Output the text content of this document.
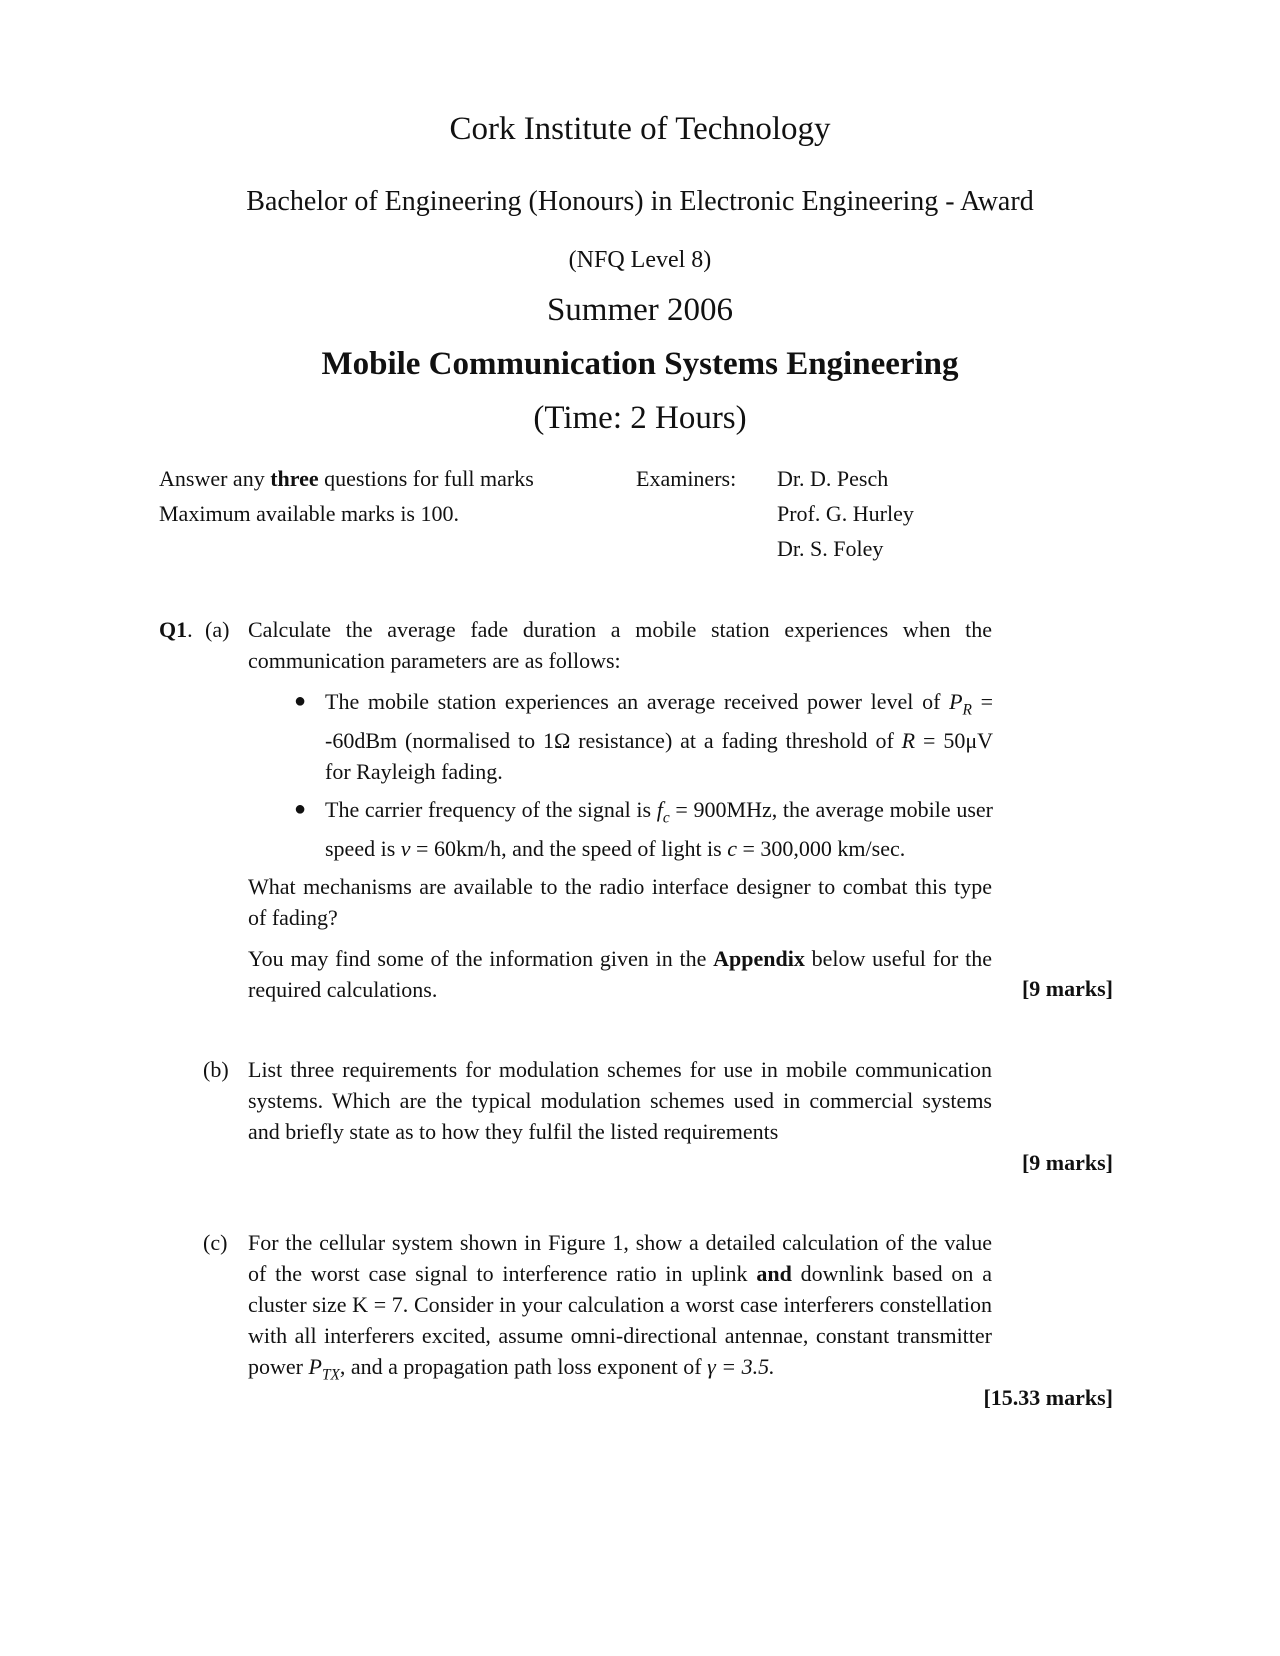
Cork Institute of Technology
Bachelor of Engineering (Honours) in Electronic Engineering - Award
(NFQ Level 8)
Summer 2006
Mobile Communication Systems Engineering
(Time: 2 Hours)
Answer any three questions for full marks
Maximum available marks is 100.
Examiners: Dr. D. Pesch
Prof. G. Hurley
Dr. S. Foley
Q1. (a) Calculate the average fade duration a mobile station experiences when the communication parameters are as follows:
● The mobile station experiences an average received power level of $P_R = -60dBm$ (normalised to 1Ω resistance) at a fading threshold of R = 50μV for Rayleigh fading.
● The carrier frequency of the signal is $f_c = 900MHz$, the average mobile user speed is v = 60km/h, and the speed of light is c = 300,000 km/sec.
What mechanisms are available to the radio interface designer to combat this type of fading?
You may find some of the information given in the Appendix below useful for the required calculations.	[9 marks]
(b) List three requirements for modulation schemes for use in mobile communication systems. Which are the typical modulation schemes used in commercial systems and briefly state as to how they fulfil the listed requirements
[9 marks]
(c) For the cellular system shown in Figure 1, show a detailed calculation of the value of the worst case signal to interference ratio in uplink and downlink based on a cluster size K = 7. Consider in your calculation a worst case interferers constellation with all interferers excited, assume omni-directional antennae, constant transmitter power $P_{TX}$, and a propagation path loss exponent of γ = 3.5.
[15.33 marks]
